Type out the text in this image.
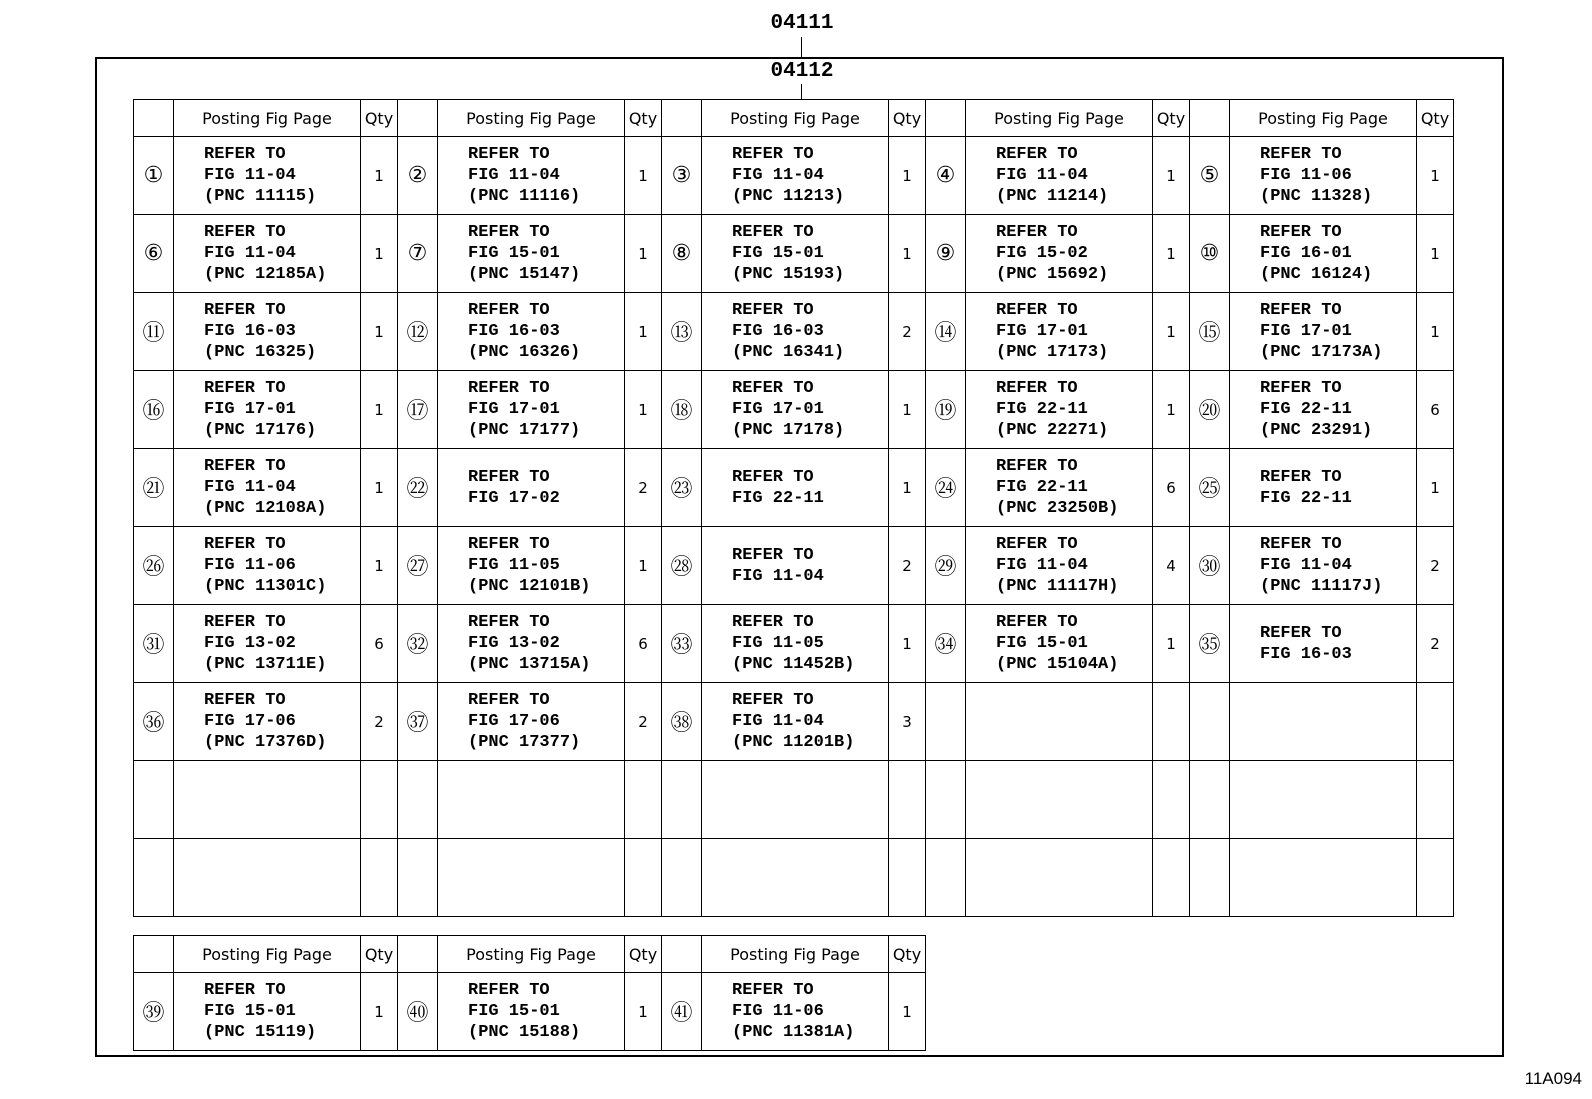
04111
04112
	Posting Fig Page	Qty		Posting Fig Page	Qty		Posting Fig Page	Qty		Posting Fig Page	Qty		Posting Fig Page	Qty
①	REFER TO
FIG 11-04
(PNC 11115)	1	②	REFER TO
FIG 11-04
(PNC 11116)	1	③	REFER TO
FIG 11-04
(PNC 11213)	1	④	REFER TO
FIG 11-04
(PNC 11214)	1	⑤	REFER TO
FIG 11-06
(PNC 11328)	1
⑥	REFER TO
FIG 11-04
(PNC 12185A)	1	⑦	REFER TO
FIG 15-01
(PNC 15147)	1	⑧	REFER TO
FIG 15-01
(PNC 15193)	1	⑨	REFER TO
FIG 15-02
(PNC 15692)	1	⑩	REFER TO
FIG 16-01
(PNC 16124)	1
⑪	REFER TO
FIG 16-03
(PNC 16325)	1	⑫	REFER TO
FIG 16-03
(PNC 16326)	1	⑬	REFER TO
FIG 16-03
(PNC 16341)	2	⑭	REFER TO
FIG 17-01
(PNC 17173)	1	⑮	REFER TO
FIG 17-01
(PNC 17173A)	1
⑯	REFER TO
FIG 17-01
(PNC 17176)	1	⑰	REFER TO
FIG 17-01
(PNC 17177)	1	⑱	REFER TO
FIG 17-01
(PNC 17178)	1	⑲	REFER TO
FIG 22-11
(PNC 22271)	1	⑳	REFER TO
FIG 22-11
(PNC 23291)	6
㉑	REFER TO
FIG 11-04
(PNC 12108A)	1	㉒	REFER TO
FIG 17-02	2	㉓	REFER TO
FIG 22-11	1	㉔	REFER TO
FIG 22-11
(PNC 23250B)	6	㉕	REFER TO
FIG 22-11	1
㉖	REFER TO
FIG 11-06
(PNC 11301C)	1	㉗	REFER TO
FIG 11-05
(PNC 12101B)	1	㉘	REFER TO
FIG 11-04	2	㉙	REFER TO
FIG 11-04
(PNC 11117H)	4	㉚	REFER TO
FIG 11-04
(PNC 11117J)	2
㉛	REFER TO
FIG 13-02
(PNC 13711E)	6	㉜	REFER TO
FIG 13-02
(PNC 13715A)	6	㉝	REFER TO
FIG 11-05
(PNC 11452B)	1	㉞	REFER TO
FIG 15-01
(PNC 15104A)	1	㉟	REFER TO
FIG 16-03	2
㊱	REFER TO
FIG 17-06
(PNC 17376D)	2	㊲	REFER TO
FIG 17-06
(PNC 17377)	2	㊳	REFER TO
FIG 11-04
(PNC 11201B)	3		

	Posting Fig Page	Qty		Posting Fig Page	Qty		Posting Fig Page	Qty
㊴	REFER TO
FIG 15-01
(PNC 15119)	1	㊵	REFER TO
FIG 15-01
(PNC 15188)	1	㊶	REFER TO
FIG 11-06
(PNC 11381A)	1
11A094
